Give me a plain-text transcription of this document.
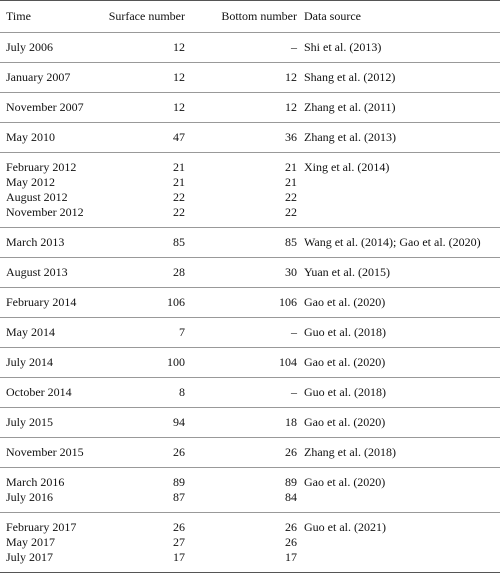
Time	Surface number	Bottom number Data source
July 2006	12	– Shi et al. (2013)
January 2007	12	12 Shang et al. (2012)
November 2007	12	12 Zhang et al. (2011)
May 2010	47	36 Zhang et al. (2013)
February 2012	21	21 Xing et al. (2014)
May 2012	21	21
August 2012	22	22
November 2012	22	22
March 2013	85	85 Wang et al. (2014); Gao et al. (2020)
August 2013	28	30 Yuan et al. (2015)
February 2014	106	106 Gao et al. (2020)
May 2014	7	– Guo et al. (2018)
July 2014	100	104 Gao et al. (2020)
October 2014	8	– Guo et al. (2018)
July 2015	94	18 Gao et al. (2020)
November 2015	26	26 Zhang et al. (2018)
March 2016	89	89 Gao et al. (2020)
July 2016	87	84
February 2017	26	26 Guo et al. (2021)
May 2017	27	26
July 2017	17	17
